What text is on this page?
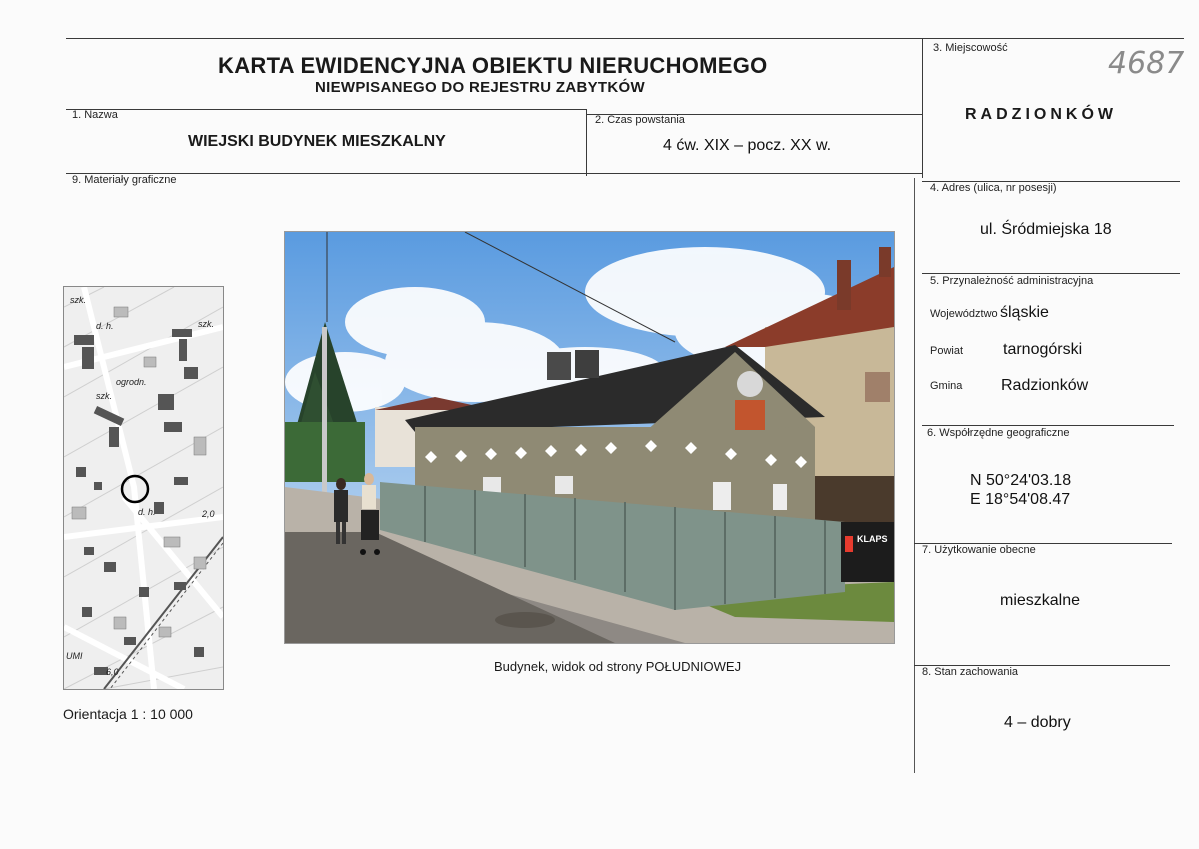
KARTA EWIDENCYJNA OBIEKTU NIERUCHOMEGO
NIEWPISANEGO DO REJESTRU ZABYTKÓW
3. Miejscowość	4687
RADZIONKÓW
1. Nazwa
WIEJSKI BUDYNEK MIESZKALNY
2. Czas powstania
4 ćw. XIX – pocz. XX w.
9. Materiały graficzne
4. Adres (ulica, nr posesji)
ul. Śródmiejska 18
5. Przynależność administracyjna
Województwo śląskie
Powiat tarnogórski
Gmina Radzionków
6. Współrzędne geograficzne
N 50°24'03.18
E 18°54'08.47
7. Użytkowanie obecne
mieszkalne
8. Stan zachowania
4 – dobry
szk.
szk.
ogrodn.
szk.
d. h.
d. h.	2,0
UMI
6,0
Orientacja 1 : 10 000
KLAPS
Budynek, widok od strony POŁUDNIOWEJ
